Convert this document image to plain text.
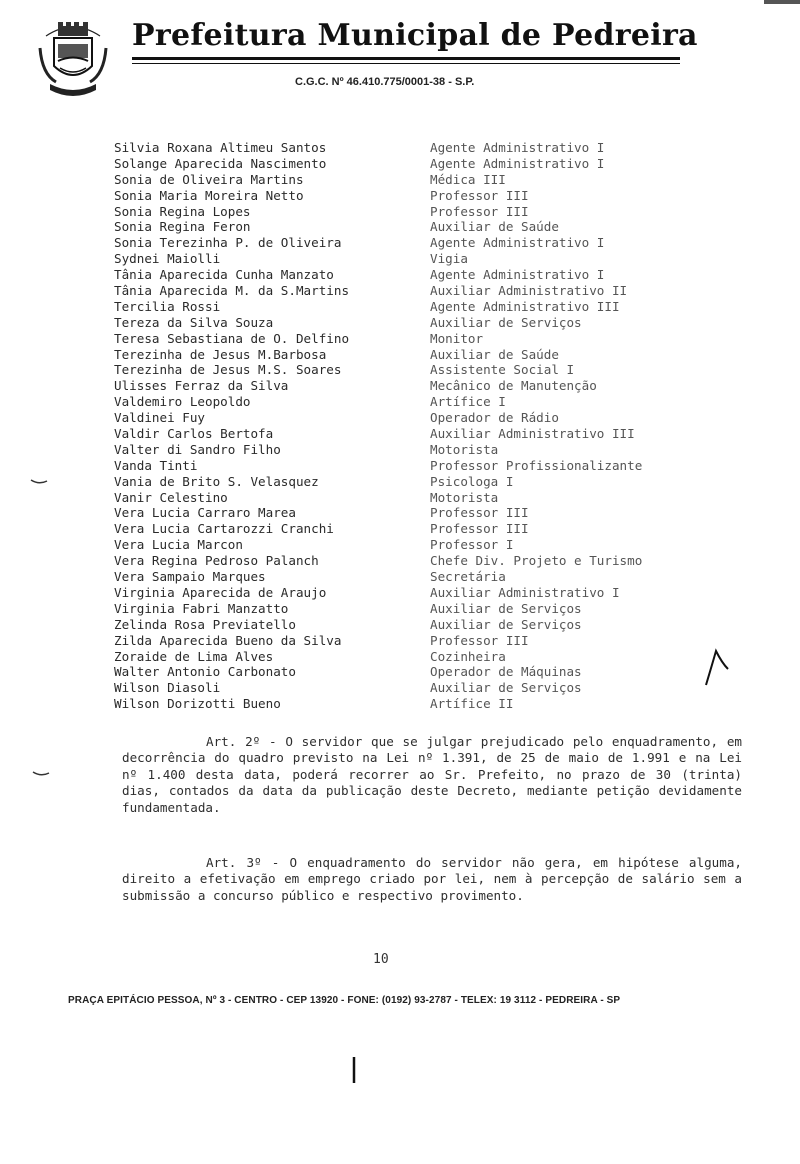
Prefeitura Municipal de Pedreira
C.G.C. Nº 46.410.775/0001-38 - S.P.
Silvia Roxana Altimeu Santos	Agente Administrativo I
Solange Aparecida Nascimento	Agente Administrativo I
Sonia de Oliveira Martins	Médica III
Sonia Maria Moreira Netto	Professor III
Sonia Regina Lopes	Professor III
Sonia Regina Feron	Auxiliar de Saúde
Sonia Terezinha P. de Oliveira	Agente Administrativo I
Sydnei Maiolli	Vigia
Tânia Aparecida Cunha Manzato	Agente Administrativo I
Tânia Aparecida M. da S.Martins	Auxiliar Administrativo II
Tercilia Rossi	Agente Administrativo III
Tereza da Silva Souza	Auxiliar de Serviços
Teresa Sebastiana de O. Delfino	Monitor
Terezinha de Jesus M.Barbosa	Auxiliar de Saúde
Terezinha de Jesus M.S. Soares	Assistente Social I
Ulisses Ferraz da Silva	Mecânico de Manutenção
Valdemiro Leopoldo	Artífice I
Valdinei Fuy	Operador de Rádio
Valdir Carlos Bertofa	Auxiliar Administrativo III
Valter di Sandro Filho	Motorista
Vanda Tinti	Professor Profissionalizante
Vania de Brito S. Velasquez	Psicologa I
Vanir Celestino	Motorista
Vera Lucia Carraro Marea	Professor III
Vera Lucia Cartarozzi Cranchi	Professor III
Vera Lucia Marcon	Professor I
Vera Regina Pedroso Palanch	Chefe Div. Projeto e Turismo
Vera Sampaio Marques	Secretária
Virginia Aparecida de Araujo	Auxiliar Administrativo I
Virginia Fabri Manzatto	Auxiliar de Serviços
Zelinda Rosa Previatello	Auxiliar de Serviços
Zilda Aparecida Bueno da Silva	Professor III
Zoraide de Lima Alves	Cozinheira
Walter Antonio Carbonato	Operador de Máquinas
Wilson Diasoli	Auxiliar de Serviços
Wilson Dorizotti Bueno	Artífice II

Art. 2º - O servidor que se julgar prejudicado pelo enquadramento, em decorrência do quadro previsto na Lei nº 1.391, de 25 de maio de 1.991 e na Lei nº 1.400 desta data, poderá recorrer ao Sr. Prefeito, no prazo de 30 (trinta) dias, contados da data da publicação deste Decreto, mediante petição devidamente fundamentada.

Art. 3º - O enquadramento do servidor não gera, em hipótese alguma, direito a efetivação em emprego criado por lei, nem à percepção de salário sem a submissão a concurso público e respectivo provimento.

10
PRAÇA EPITÁCIO PESSOA, Nº 3 - CENTRO - CEP 13920 - FONE: (0192) 93-2787 - TELEX: 19 3112 - PEDREIRA - SP
